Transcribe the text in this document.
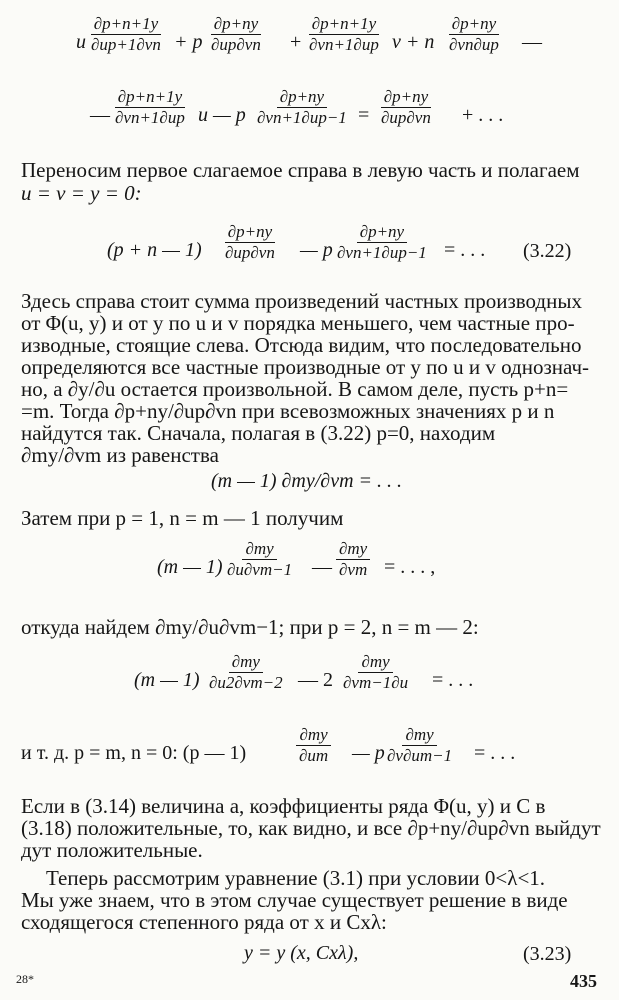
u $\frac{\partial p+n+1y}{\partial up+1\partial vn} + p \frac{\partial p+ny}{\partial up\partial vn} + \frac{\partial p+n+1y}{\partial vn+1\partial up}$ v + n $\frac{\partial p+ny}{\partial vn\partial up}$ —
— $\frac{\partial p+n+1y}{\partial vn+1\partial up}$ u — p $\frac{\partial p+ny}{\partial vn+1\partial up-1} = \frac{\partial p+ny}{\partial up\partial vn}$ + . . .
Переносим первое слагаемое справа в левую часть и полагаем
u = v = y = 0:
(p + n — $1) \frac{\partial p+ny}{\partial up\partial vn}$ — p $\frac{\partial p+ny}{\partial vn+1\partial up-1}$ = . . . (3.22)
Здесь справа стоит сумма произведений частных производных
от Φ(u, y) и от y по u и v порядка меньшего, чем частные про-
изводные, стоящие слева. Отсюда видим, что последовательно
определяются все частные производные от y по u и v однознач-
но, а ∂y/∂u остается произвольной. В самом деле, пусть p+n=
=m. Тогда ∂p+ny/∂up∂vn при всевозможных значениях p и n
найдутся так. Сначала, полагая в (3.22) p=0, находим
∂my/∂vm из равенства
(m — 1) ∂my/∂vm = . . .
Затем при p = 1, n = m — 1 получим
(m — $1) \frac{\partial my}{\partial u\partial vm-1}$ — $\frac{\partial my}{\partial vm}$ = . . . ,
откуда найдем ∂my/∂u∂vm−1; при p = 2, n = m — 2:
(m — $1) \frac{\partial my}{\partial u2\partial vm-2}$ — $2 \frac{\partial my}{\partial vm-1\partial u}$ = . . .
и т. д. p = m, n = 0: (p — 1)	$\frac{\partial my}{\partial um}$ — p $\frac{\partial my}{\partial v\partial um-1}$ = . . .
Если в (3.14) величина a, коэффициенты ряда Φ(u, y) и C в
(3.18) положительные, то, как видно, и все ∂p+ny/∂up∂vn выйдут
дут положительные.
Теперь рассмотрим уравнение (3.1) при условии 0<λ<1.
Мы уже знаем, что в этом случае существует решение в виде
сходящегося степенного ряда от x и Cxλ:
y = y (x, Cxλ),	(3.23)
28*	435
